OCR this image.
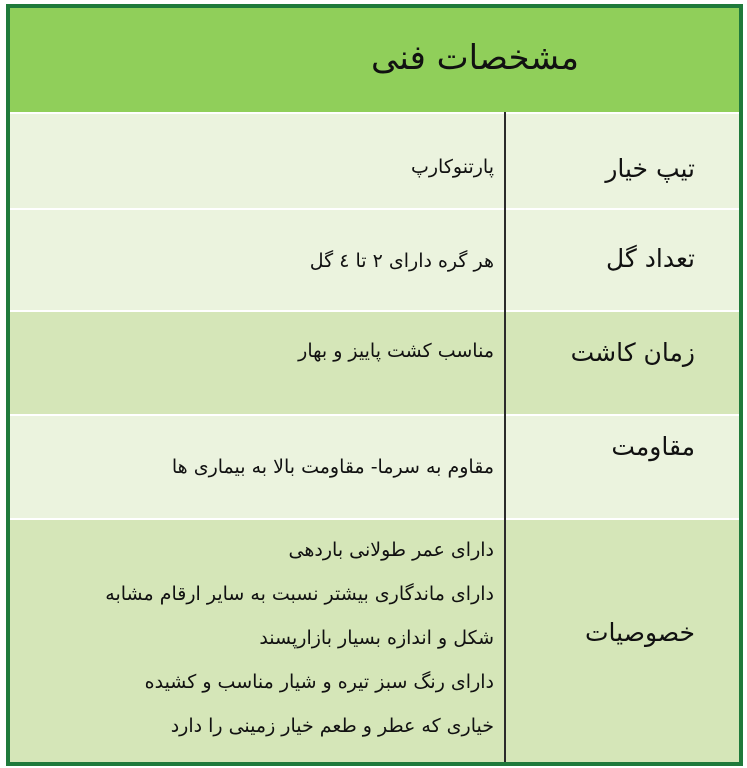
مشخصات فنی
تیپ خیار
پارتنوکارپ
تعداد گل
هر گره دارای ۲ تا ٤ گل
زمان کاشت
مناسب کشت پاییز و بهار
مقاومت
مقاوم به سرما- مقاومت بالا به بیماری ها
خصوصیات
دارای عمر طولانی باردهی
دارای ماندگاری بیشتر نسبت به سایر ارقام مشابه
شکل و اندازه بسیار بازارپسند
دارای رنگ سبز تیره و شیار مناسب و کشیده
خیاری که عطر و طعم خیار زمینی را دارد
